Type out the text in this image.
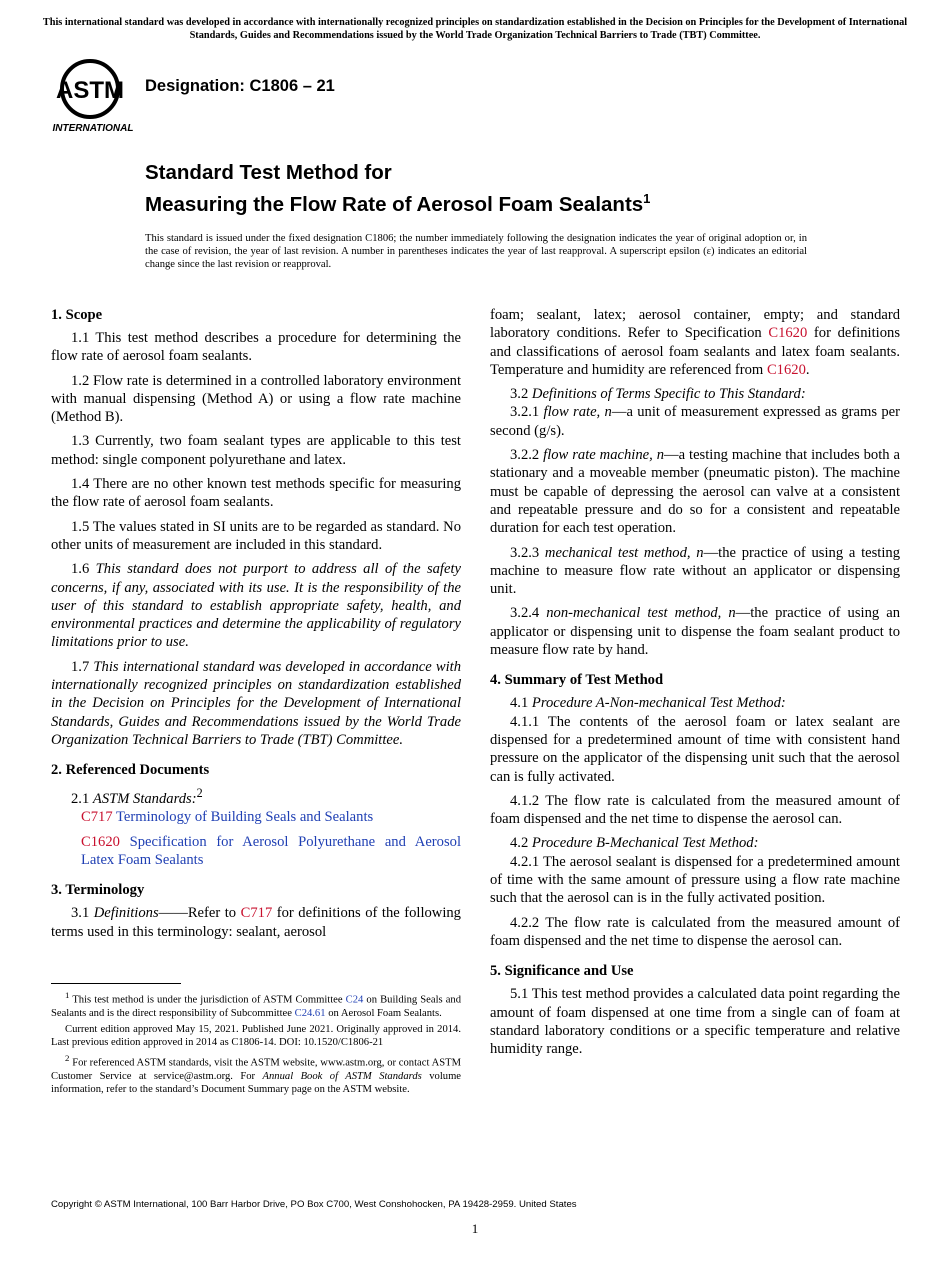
This international standard was developed in accordance with internationally recognized principles on standardization established in the Decision on Principles for the Development of International Standards, Guides and Recommendations issued by the World Trade Organization Technical Barriers to Trade (TBT) Committee.
ASTM
INTERNATIONAL
Designation: C1806 – 21
Standard Test Method for
Measuring the Flow Rate of Aerosol Foam Sealants$^1$
This standard is issued under the fixed designation C1806; the number immediately following the designation indicates the year of original adoption or, in the case of revision, the year of last revision. A number in parentheses indicates the year of last reapproval. A superscript epsilon (ε) indicates an editorial change since the last revision or reapproval.
1. Scope

1.1 This test method describes a procedure for determining the flow rate of aerosol foam sealants.

1.2 Flow rate is determined in a controlled laboratory environment with manual dispensing (Method A) or using a flow rate machine (Method B).

1.3 Currently, two foam sealant types are applicable to this test method: single component polyurethane and latex.

1.4 There are no other known test methods specific for measuring the flow rate of aerosol foam sealants.

1.5 The values stated in SI units are to be regarded as standard. No other units of measurement are included in this standard.

1.6 This standard does not purport to address all of the safety concerns, if any, associated with its use. It is the responsibility of the user of this standard to establish appropriate safety, health, and environmental practices and determine the applicability of regulatory limitations prior to use.

1.7 This international standard was developed in accordance with internationally recognized principles on standardization established in the Decision on Principles for the Development of International Standards, Guides and Recommendations issued by the World Trade Organization Technical Barriers to Trade (TBT) Committee.

2. Referenced Documents

2.1 ASTM Standards:$^2$

C717 Terminology of Building Seals and Sealants

C1620 Specification for Aerosol Polyurethane and Aerosol Latex Foam Sealants

3. Terminology

3.1 Definitions——Refer to C717 for definitions of the following terms used in this terminology: sealant, aerosol

$^1$ This test method is under the jurisdiction of ASTM Committee C24 on Building Seals and Sealants and is the direct responsibility of Subcommittee C24.61 on Aerosol Foam Sealants.

Current edition approved May 15, 2021. Published June 2021. Originally approved in 2014. Last previous edition approved in 2014 as C1806-14. DOI: 10.1520/C1806-21

$^2$ For referenced ASTM standards, visit the ASTM website, www.astm.org, or contact ASTM Customer Service at service@astm.org. For Annual Book of ASTM Standards volume information, refer to the standard’s Document Summary page on the ASTM website.

foam; sealant, latex; aerosol container, empty; and standard laboratory conditions. Refer to Specification C1620 for definitions and classifications of aerosol foam sealants and latex foam sealants. Temperature and humidity are referenced from C1620.

3.2 Definitions of Terms Specific to This Standard:

3.2.1 flow rate, n—a unit of measurement expressed as grams per second (g/s).

3.2.2 flow rate machine, n—a testing machine that includes both a stationary and a moveable member (pneumatic piston). The machine must be capable of depressing the aerosol can valve at a consistent and repeatable pressure and do so for a consistent and repeatable duration for each test operation.

3.2.3 mechanical test method, n—the practice of using a testing machine to measure flow rate without an applicator or dispensing unit.

3.2.4 non-mechanical test method, n—the practice of using an applicator or dispensing unit to dispense the foam sealant product to measure flow rate by hand.

4. Summary of Test Method

4.1 Procedure A-Non-mechanical Test Method:

4.1.1 The contents of the aerosol foam or latex sealant are dispensed for a predetermined amount of time with consistent hand pressure on the applicator of the dispensing unit such that the aerosol can is fully activated.

4.1.2 The flow rate is calculated from the measured amount of foam dispensed and the net time to dispense the aerosol can.

4.2 Procedure B-Mechanical Test Method:

4.2.1 The aerosol sealant is dispensed for a predetermined amount of time with the same amount of pressure using a flow rate machine such that the aerosol can is in the fully activated position.

4.2.2 The flow rate is calculated from the measured amount of foam dispensed and the net time to dispense the aerosol can.

5. Significance and Use

5.1 This test method provides a calculated data point regarding the amount of foam dispensed at one time from a single can of foam at standard laboratory conditions or a specific temperature and relative humidity range.

Copyright © ASTM International, 100 Barr Harbor Drive, PO Box C700, West Conshohocken, PA 19428-2959. United States
1
